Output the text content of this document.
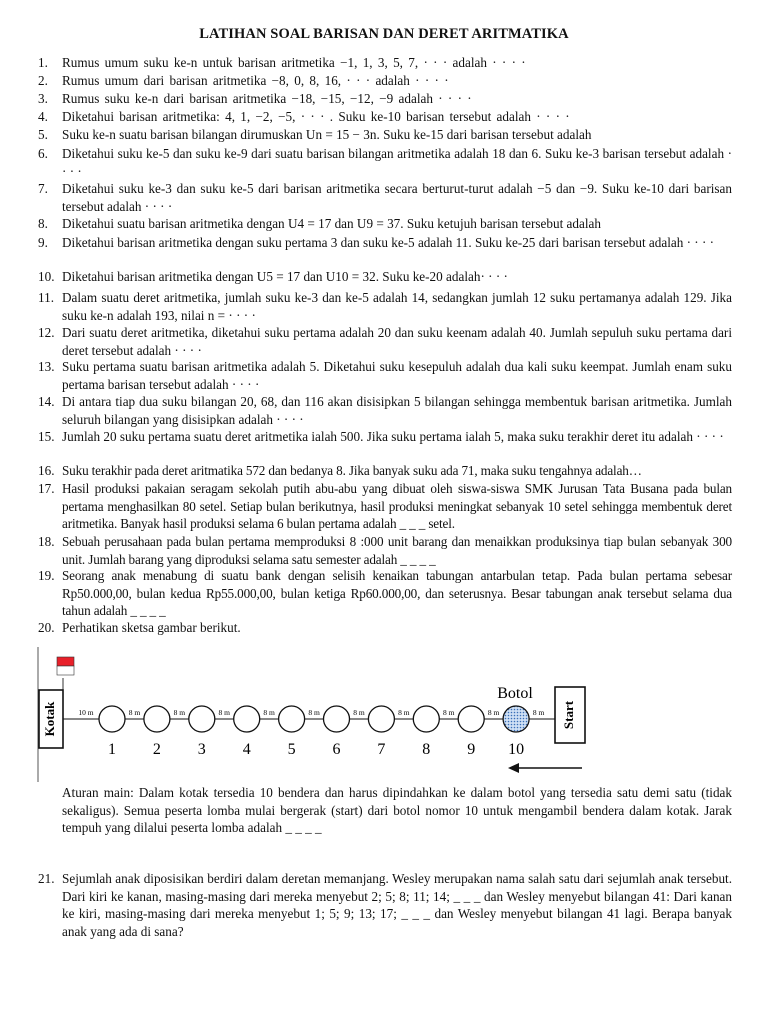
LATIHAN SOAL BARISAN DAN DERET ARITMATIKA
1. Rumus umum suku ke-n untuk barisan aritmetika −1, 1, 3, 5, 7, · · · adalah · · · ·
2. Rumus umum dari barisan aritmetika −8, 0, 8, 16, · · · adalah · · · ·
3. Rumus suku ke-n dari barisan aritmetika −18, −15, −12, −9 adalah · · · ·
4. Diketahui barisan aritmetika: 4, 1, −2, −5, · · · . Suku ke-10 barisan tersebut adalah · · · ·
5. Suku ke-n suatu barisan bilangan dirumuskan Un = 15 − 3n. Suku ke-15 dari barisan tersebut adalah
6. Diketahui suku ke-5 dan suku ke-9 dari suatu barisan bilangan aritmetika adalah 18 dan 6. Suku ke-3 barisan tersebut adalah · · · ·
7. Diketahui suku ke-3 dan suku ke-5 dari barisan aritmetika secara berturut-turut adalah −5 dan −9. Suku ke-10 dari barisan tersebut adalah · · · ·
8. Diketahui suatu barisan aritmetika dengan U4 = 17 dan U9 = 37. Suku ketujuh barisan tersebut adalah
9. Diketahui barisan aritmetika dengan suku pertama 3 dan suku ke-5 adalah 11. Suku ke-25 dari barisan tersebut adalah · · · ·
10. Diketahui barisan aritmetika dengan U5 = 17 dan U10 = 32. Suku ke-20 adalah· · · ·
11. Dalam suatu deret aritmetika, jumlah suku ke-3 dan ke-5 adalah 14, sedangkan jumlah 12 suku pertamanya adalah 129. Jika suku ke-n adalah 193, nilai n = · · · ·
12. Dari suatu deret aritmetika, diketahui suku pertama adalah 20 dan suku keenam adalah 40. Jumlah sepuluh suku pertama dari deret tersebut adalah · · · ·
13. Suku pertama suatu barisan aritmetika adalah 5. Diketahui suku kesepuluh adalah dua kali suku keempat. Jumlah enam suku pertama barisan tersebut adalah · · · ·
14. Di antara tiap dua suku bilangan 20, 68, dan 116 akan disisipkan 5 bilangan sehingga membentuk barisan aritmetika. Jumlah seluruh bilangan yang disisipkan adalah · · · ·
15. Jumlah 20 suku pertama suatu deret aritmetika ialah 500. Jika suku pertama ialah 5, maka suku terakhir deret itu adalah · · · ·
16. Suku terakhir pada deret aritmatika 572 dan bedanya 8. Jika banyak suku ada 71, maka suku tengahnya adalah…
17. Hasil produksi pakaian seragam sekolah putih abu-abu yang dibuat oleh siswa-siswa SMK Jurusan Tata Busana pada bulan pertama menghasilkan 80 setel. Setiap bulan berikutnya, hasil produksi meningkat sebanyak 10 setel sehingga membentuk deret aritmetika. Banyak hasil produksi selama 6 bulan pertama adalah _ _ _ setel.
18. Sebuah perusahaan pada bulan pertama memproduksi 8 :000 unit barang dan menaikkan produksinya tiap bulan sebanyak 300 unit. Jumlah barang yang diproduksi selama satu semester adalah _ _ _ _
19. Seorang anak menabung di suatu bank dengan selisih kenaikan tabungan antarbulan tetap. Pada bulan pertama sebesar Rp50.000,00, bulan kedua Rp55.000,00, bulan ketiga Rp60.000,00, dan seterusnya. Besar tabungan anak tersebut selama dua tahun adalah _ _ _ _
20. Perhatikan sketsa gambar berikut.
Kotak	Start
Botol
10 m	8 m	8 m	8 m	8 m	8 m	8 m	8 m	8 m	8 m	8 m
1 2 3 4 5 6 7 8 9 10

Aturan main: Dalam kotak tersedia 10 bendera dan harus dipindahkan ke dalam botol yang tersedia satu demi satu (tidak sekaligus). Semua peserta lomba mulai bergerak (start) dari botol nomor 10 untuk mengambil bendera dalam kotak. Jarak tempuh yang dilalui peserta lomba adalah _ _ _ _

21. Sejumlah anak diposisikan berdiri dalam deretan memanjang. Wesley merupakan nama salah satu dari sejumlah anak tersebut. Dari kiri ke kanan, masing-masing dari mereka menyebut 2; 5; 8; 11; 14; _ _ _ dan Wesley menyebut bilangan 41: Dari kanan ke kiri, masing-masing dari mereka menyebut 1; 5; 9; 13; 17; _ _ _ dan Wesley menyebut bilangan 41 lagi. Berapa banyak anak yang ada di sana?
